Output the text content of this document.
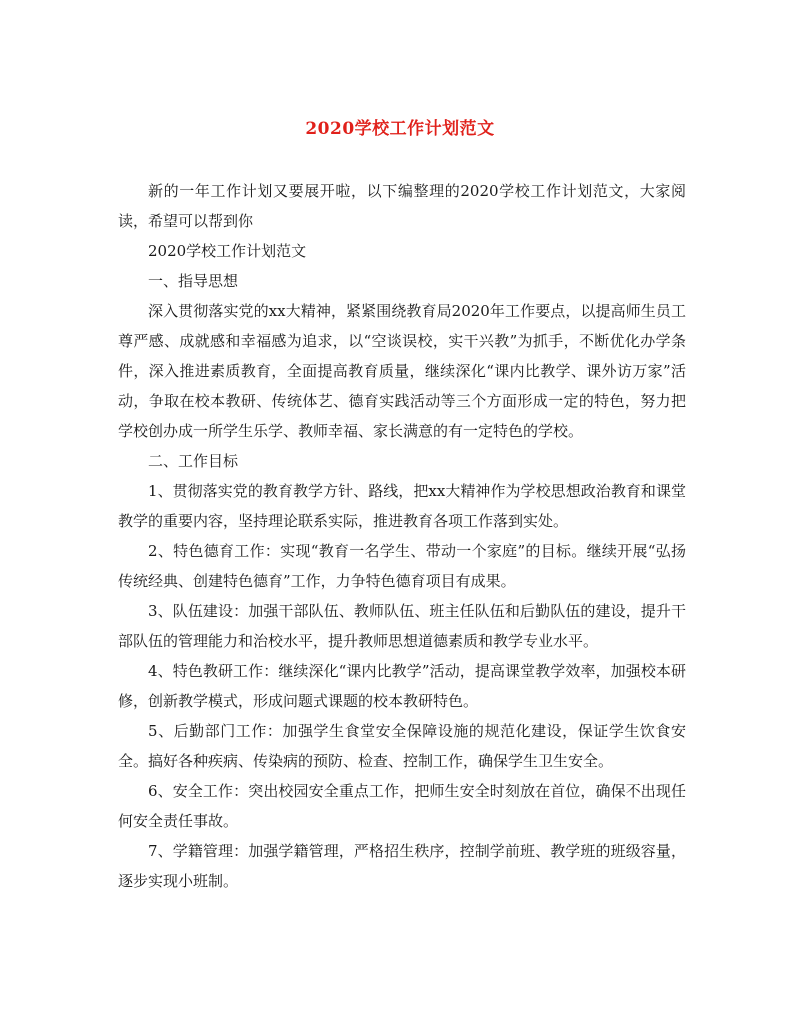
2020学校工作计划范文

新的一年工作计划又要展开啦，以下编整理的2020学校工作计划范文，大家阅读，希望可以帮到你

2020学校工作计划范文

一、指导思想

深入贯彻落实党的xx大精神，紧紧围绕教育局2020年工作要点，以提高师生员工尊严感、成就感和幸福感为追求，以“空谈误校，实干兴教”为抓手，不断优化办学条件，深入推进素质教育，全面提高教育质量，继续深化“课内比教学、课外访万家”活动，争取在校本教研、传统体艺、德育实践活动等三个方面形成一定的特色，努力把学校创办成一所学生乐学、教师幸福、家长满意的有一定特色的学校。

二、工作目标

1、贯彻落实党的教育教学方针、路线，把xx大精神作为学校思想政治教育和课堂教学的重要内容，坚持理论联系实际，推进教育各项工作落到实处。

2、特色德育工作：实现“教育一名学生、带动一个家庭”的目标。继续开展“弘扬传统经典、创建特色德育”工作，力争特色德育项目有成果。

3、队伍建设：加强干部队伍、教师队伍、班主任队伍和后勤队伍的建设，提升干部队伍的管理能力和治校水平，提升教师思想道德素质和教学专业水平。

4、特色教研工作：继续深化“课内比教学”活动，提高课堂教学效率，加强校本研修，创新教学模式，形成问题式课题的校本教研特色。

5、后勤部门工作：加强学生食堂安全保障设施的规范化建设，保证学生饮食安全。搞好各种疾病、传染病的预防、检查、控制工作，确保学生卫生安全。

6、安全工作：突出校园安全重点工作，把师生安全时刻放在首位，确保不出现任何安全责任事故。

7、学籍管理：加强学籍管理，严格招生秩序，控制学前班、教学班的班级容量，逐步实现小班制。
